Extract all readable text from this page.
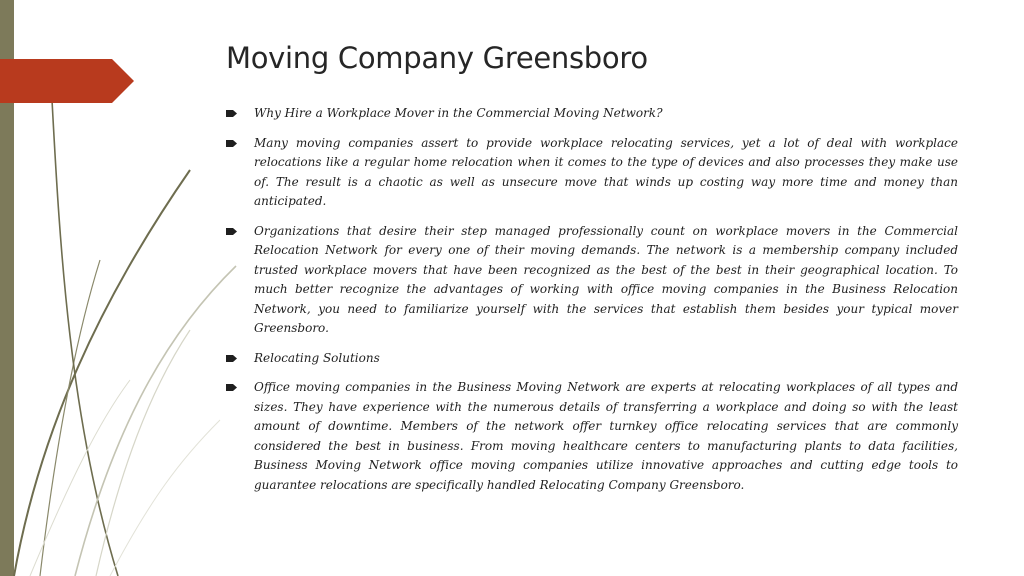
Moving Company Greensboro
Why Hire a Workplace Mover in the Commercial Moving Network?
Many moving companies assert to provide workplace relocating services, yet a lot of deal with workplace relocations like a regular home relocation when it comes to the type of devices and also processes they make use of. The result is a chaotic as well as unsecure move that winds up costing way more time and money than anticipated.
Organizations that desire their step managed professionally count on workplace movers in the Commercial Relocation Network for every one of their moving demands. The network is a membership company included trusted workplace movers that have been recognized as the best of the best in their geographical location. To much better recognize the advantages of working with office moving companies in the Business Relocation Network, you need to familiarize yourself with the services that establish them besides your typical mover Greensboro.
Relocating Solutions
Office moving companies in the Business Moving Network are experts at relocating workplaces of all types and sizes. They have experience with the numerous details of transferring a workplace and doing so with the least amount of downtime. Members of the network offer turnkey office relocating services that are commonly considered the best in business. From moving healthcare centers to manufacturing plants to data facilities, Business Moving Network office moving companies utilize innovative approaches and cutting edge tools to guarantee relocations are specifically handled Relocating Company Greensboro.
